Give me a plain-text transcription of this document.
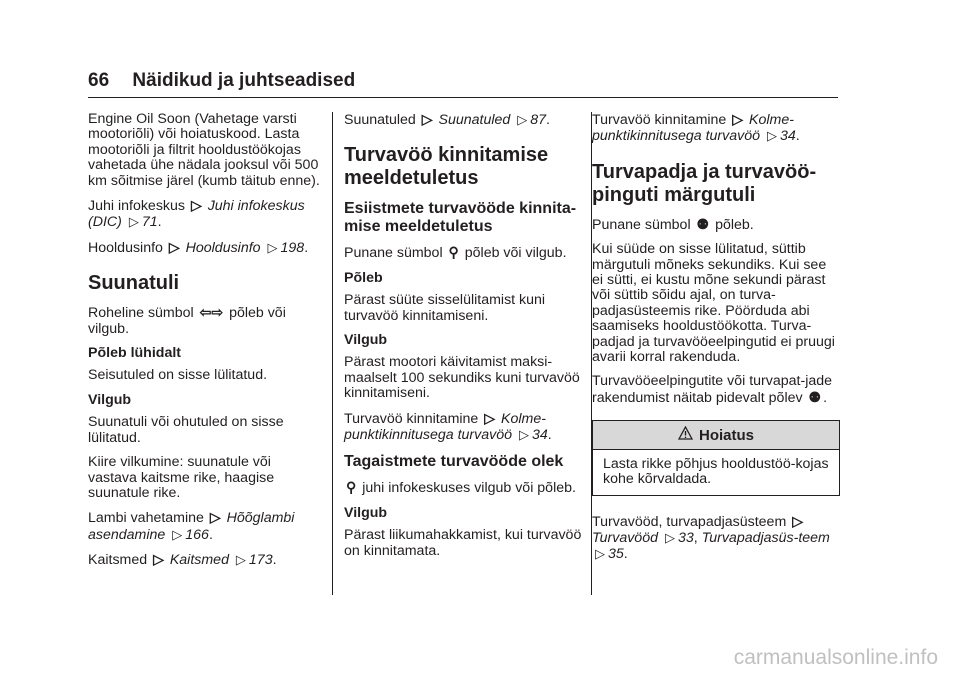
66 Näidikud ja juhtseadised

Engine Oil Soon (Vahetage varsti mootoriõli) või hoiatuskood. Lasta mootoriõli ja filtrit hooldustöökojas vahetada ühe nädala jooksul või 500 km sõitmise järel (kumb täitub enne).

Juhi infokeskus ▷ Juhi infokeskus (DIC) ▷ 71.

Hooldusinfo ▷ Hooldusinfo ▷ 198.

Suunatuli

Roheline sümbol ⇦⇨ põleb või vilgub.

Põleb lühidalt

Seisutuled on sisse lülitatud.

Vilgub

Suunatuli või ohutuled on sisse lülitatud.

Kiire vilkumine: suunatule või vastava kaitsme rike, haagise suunatule rike.

Lambi vahetamine ▷ Hõõglambi asendamine ▷ 166.

Kaitsmed ▷ Kaitsmed ▷ 173.

Suunatuled ▷ Suunatuled ▷ 87.

Turvavöö kinnitamise meeldetuletus
Esiistmete turvavööde kinnita-mise meeldetuletus

Punane sümbol ⚲ põleb või vilgub.

Põleb

Pärast süüte sisselülitamist kuni turvavöö kinnitamiseni.

Vilgub

Pärast mootori käivitamist maksi-maalselt 100 sekundiks kuni turvavöö kinnitamiseni.

Turvavöö kinnitamine ▷ Kolme-punktikinnitusega turvavöö ▷ 34.

Tagaistmete turvavööde olek

⚲ juhi infokeskuses vilgub või põleb.

Vilgub

Pärast liikumahakkamist, kui turvavöö on kinnitamata.

Turvavöö kinnitamine ▷ Kolme-punktikinnitusega turvavöö ▷ 34.

Turvapadja ja turvavöö-pinguti märgutuli

Punane sümbol ⚉ põleb.

Kui süüde on sisse lülitatud, süttib märgutuli mõneks sekundiks. Kui see ei sütti, ei kustu mõne sekundi pärast või süttib sõidu ajal, on turva-padjasüsteemis rike. Pöörduda abi saamiseks hooldustöökotta. Turva-padjad ja turvavööeelpingutid ei pruugi avarii korral rakenduda.

Turvavööeelpingutite või turvapat-jade rakendumist näitab pidevalt põlev ⚉ .

Hoiatus
Lasta rikke põhjus hooldustöö-kojas kohe kõrvaldada.

Turvavööd, turvapadjasüsteem ▷ Turvavööd ▷ 33, Turvapadjasüs-teem ▷ 35.

carmanualsonline.info
